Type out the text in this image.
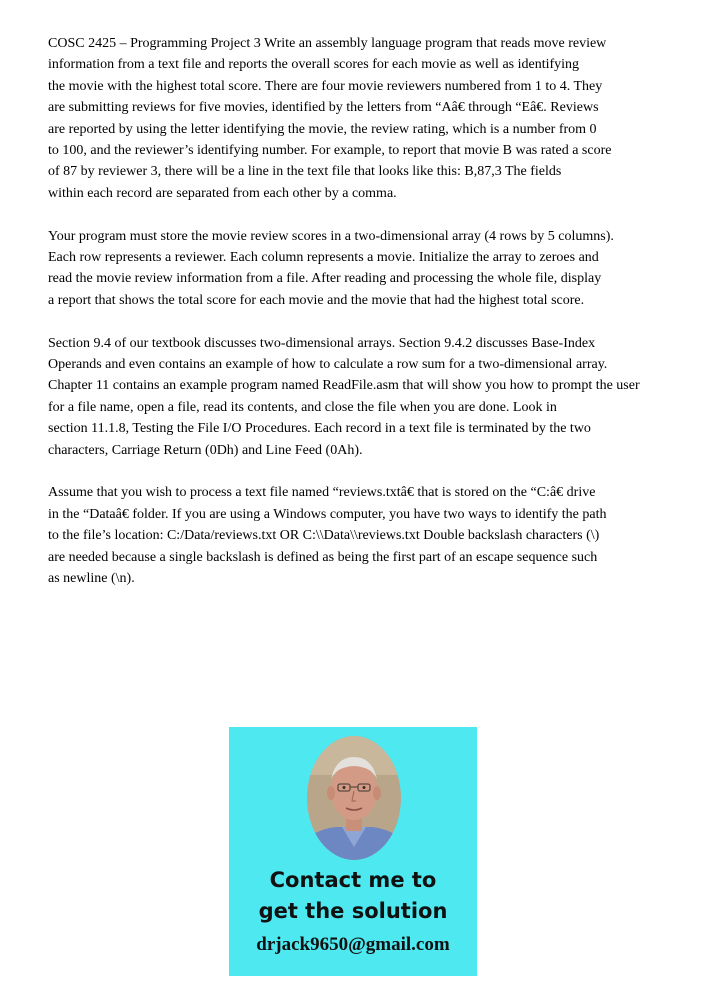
COSC 2425 – Programming Project 3 Write an assembly language program that reads move review
information from a text file and reports the overall scores for each movie as well as identifying
the movie with the highest total score. There are four movie reviewers numbered from 1 to 4. They
are submitting reviews for five movies, identified by the letters from “Aâ€ through “Eâ€. Reviews
are reported by using the letter identifying the movie, the review rating, which is a number from 0
to 100, and the reviewer’s identifying number. For example, to report that movie B was rated a score
of 87 by reviewer 3, there will be a line in the text file that looks like this: B,87,3 The fields
within each record are separated from each other by a comma.

Your program must store the movie review scores in a two-dimensional array (4 rows by 5 columns).
Each row represents a reviewer. Each column represents a movie. Initialize the array to zeroes and
read the movie review information from a file. After reading and processing the whole file, display
a report that shows the total score for each movie and the movie that had the highest total score.

Section 9.4 of our textbook discusses two-dimensional arrays. Section 9.4.2 discusses Base-Index
Operands and even contains an example of how to calculate a row sum for a two-dimensional array.
Chapter 11 contains an example program named ReadFile.asm that will show you how to prompt the user
for a file name, open a file, read its contents, and close the file when you are done. Look in
section 11.1.8, Testing the File I/O Procedures. Each record in a text file is terminated by the two
characters, Carriage Return (0Dh) and Line Feed (0Ah).

Assume that you wish to process a text file named “reviews.txtâ€ that is stored on the “C:â€ drive
in the “Dataâ€ folder. If you are using a Windows computer, you have two ways to identify the path
to the file’s location: C:/Data/reviews.txt OR C:\\Data\\reviews.txt Double backslash characters (\)
are needed because a single backslash is defined as being the first part of an escape sequence such
as newline (\n).

Contact me to
get the solution
drjack9650@gmail.com
